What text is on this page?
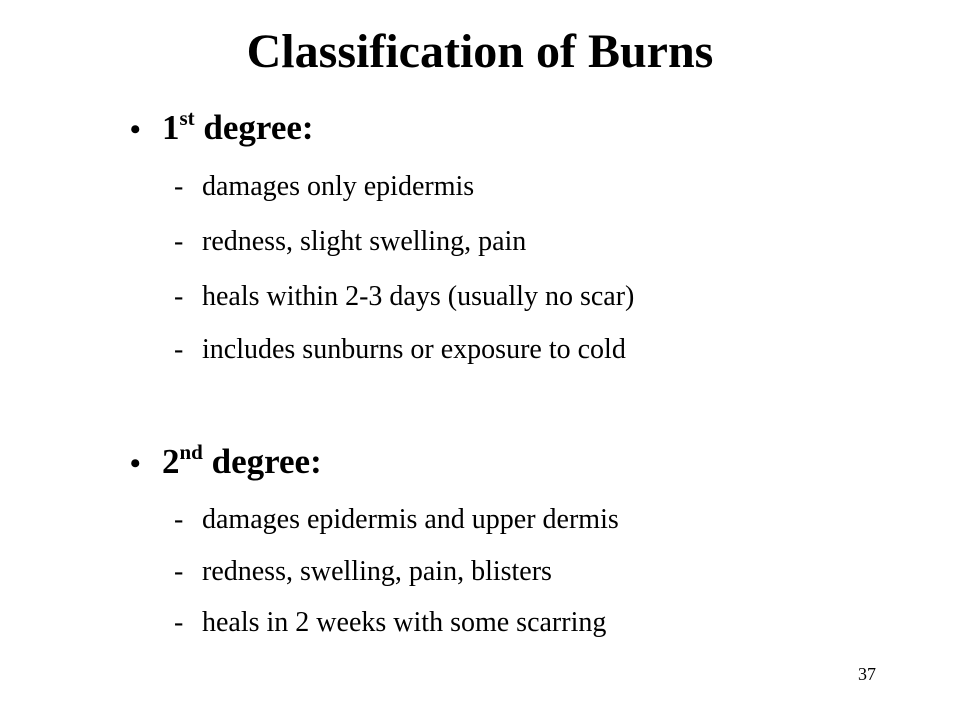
Classification of Burns
• 1st degree:
- damages only epidermis
- redness, slight swelling, pain
- heals within 2-3 days (usually no scar)
- includes sunburns or exposure to cold
• 2nd degree:
- damages epidermis and upper dermis
- redness, swelling, pain, blisters
- heals in 2 weeks with some scarring
37
